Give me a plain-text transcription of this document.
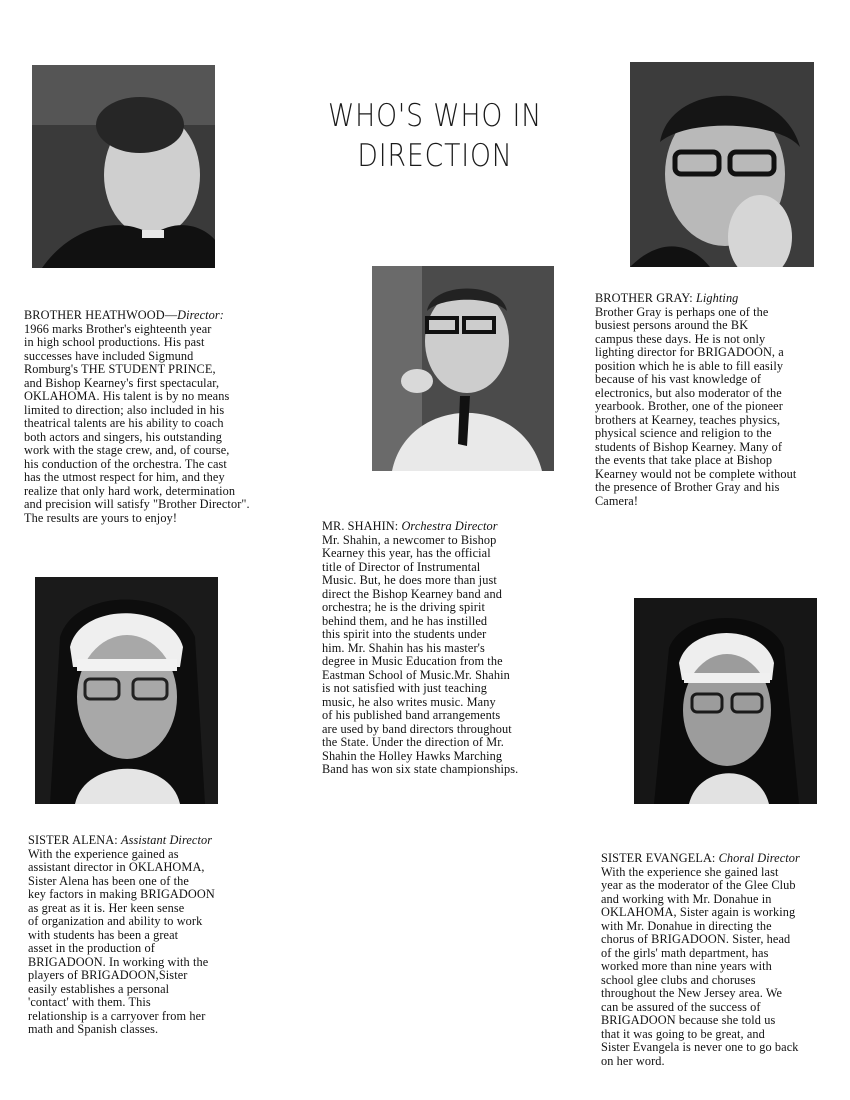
WHO'S WHO IN
DIRECTION
BROTHER HEATHWOOD—Director:
1966 marks Brother's eighteenth year
in high school productions. His past
successes have included Sigmund
Romburg's THE STUDENT PRINCE,
and Bishop Kearney's first spectacular,
OKLAHOMA. His talent is by no means
limited to direction; also included in his
theatrical talents are his ability to coach
both actors and singers, his outstanding
work with the stage crew, and, of course,
his conduction of the orchestra. The cast
has the utmost respect for him, and they
realize that only hard work, determination
and precision will satisfy "Brother Director".
The results are yours to enjoy!
BROTHER GRAY: Lighting
Brother Gray is perhaps one of the
busiest persons around the BK
campus these days. He is not only
lighting director for BRIGADOON, a
position which he is able to fill easily
because of his vast knowledge of
electronics, but also moderator of the
yearbook. Brother, one of the pioneer
brothers at Kearney, teaches physics,
physical science and religion to the
students of Bishop Kearney. Many of
the events that take place at Bishop
Kearney would not be complete without
the presence of Brother Gray and his
Camera!
MR. SHAHIN: Orchestra Director
Mr. Shahin, a newcomer to Bishop
Kearney this year, has the official
title of Director of Instrumental
Music. But, he does more than just
direct the Bishop Kearney band and
orchestra; he is the driving spirit
behind them, and he has instilled
this spirit into the students under
him. Mr. Shahin has his master's
degree in Music Education from the
Eastman School of Music.Mr. Shahin
is not satisfied with just teaching
music, he also writes music. Many
of his published band arrangements
are used by band directors throughout
the State. Under the direction of Mr.
Shahin the Holley Hawks Marching
Band has won six state championships.
SISTER ALENA: Assistant Director
With the experience gained as
assistant director in OKLAHOMA,
Sister Alena has been one of the
key factors in making BRIGADOON
as great as it is. Her keen sense
of organization and ability to work
with students has been a great
asset in the production of
BRIGADOON. In working with the
players of BRIGADOON,Sister
easily establishes a personal
'contact' with them. This
relationship is a carryover from her
math and Spanish classes.
SISTER EVANGELA: Choral Director
With the experience she gained last
year as the moderator of the Glee Club
and working with Mr. Donahue in
OKLAHOMA, Sister again is working
with Mr. Donahue in directing the
chorus of BRIGADOON. Sister, head
of the girls' math department, has
worked more than nine years with
school glee clubs and choruses
throughout the New Jersey area. We
can be assured of the success of
BRIGADOON because she told us
that it was going to be great, and
Sister Evangela is never one to go back
on her word.
